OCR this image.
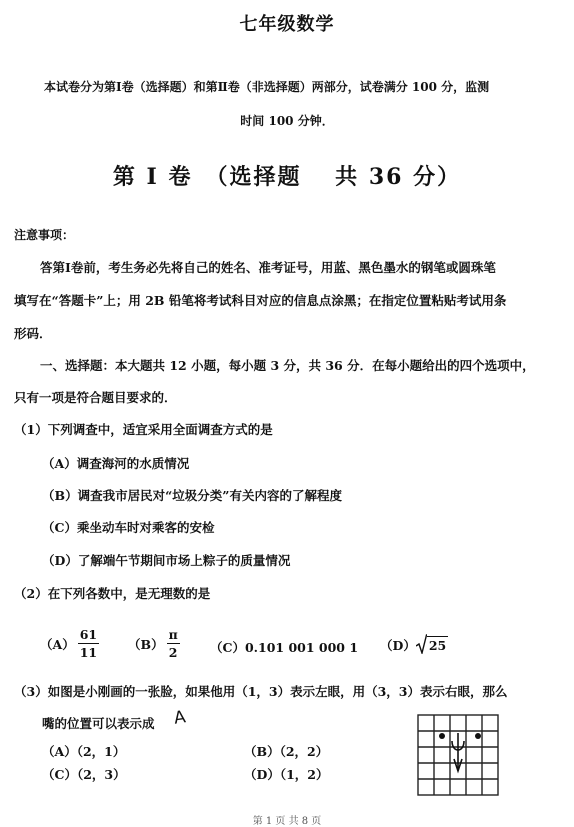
七年级数学
本试卷分为第Ⅰ卷（选择题）和第Ⅱ卷（非选择题）两部分，试卷满分 100 分，监测
时间 100 分钟．
第 Ⅰ 卷　（选择题　 共 36 分）
注意事项：
答第Ⅰ卷前，考生务必先将自己的姓名、准考证号，用蓝、黑色墨水的钢笔或圆珠笔
填写在“答题卡”上；用 2B 铅笔将考试科目对应的信息点涂黑；在指定位置粘贴考试用条
形码．
一、选择题：本大题共 12 小题，每小题 3 分，共 36 分．在每小题给出的四个选项中，
只有一项是符合题目要求的．
（1）下列调查中，适宜采用全面调查方式的是
（A）调查海河的水质情况
（B）调查我市居民对“垃圾分类”有关内容的了解程度
（C）乘坐动车时对乘客的安检
（D）了解端午节期间市场上粽子的质量情况
（2）在下列各数中，是无理数的是
$(A) \frac{61}{11} (B) \frac{\pi}{2} (C)0.101$ 001 000 1 （D） 25
（3）如图是小刚画的一张脸，如果他用（1，3）表示左眼，用（3，3）表示右眼，那么
嘴的位置可以表示成 A
（A）（2，1）	（B）（2，2）
（C）（2，3）	（D）（1，2）
第 1 页 共 8 页
